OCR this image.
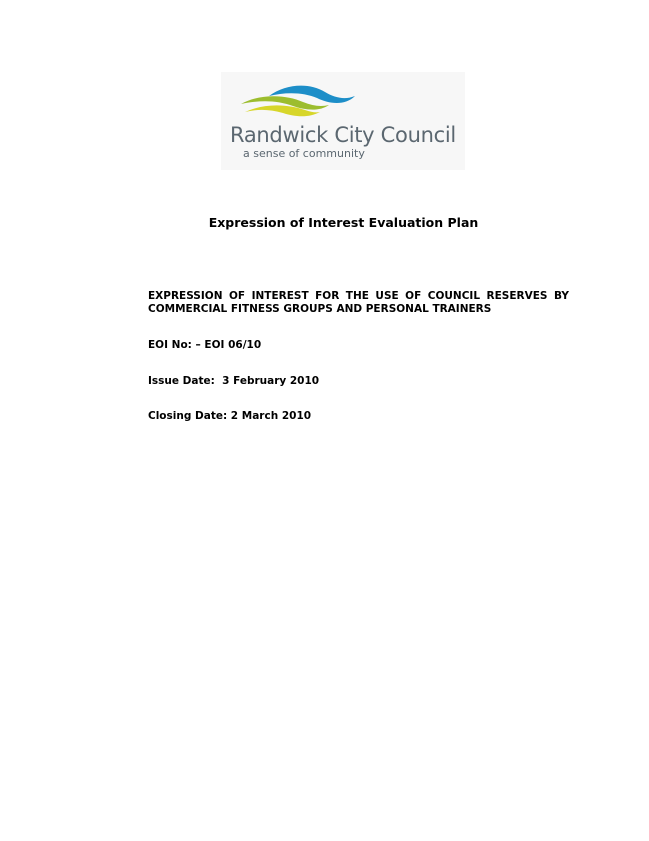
Randwick City Council
a sense of community
Expression of Interest Evaluation Plan
EXPRESSION OF INTEREST FOR THE USE OF COUNCIL RESERVES BY COMMERCIAL FITNESS GROUPS AND PERSONAL TRAINERS
EOI No: – EOI 06/10
Issue Date:  3 February 2010
Closing Date: 2 March 2010
